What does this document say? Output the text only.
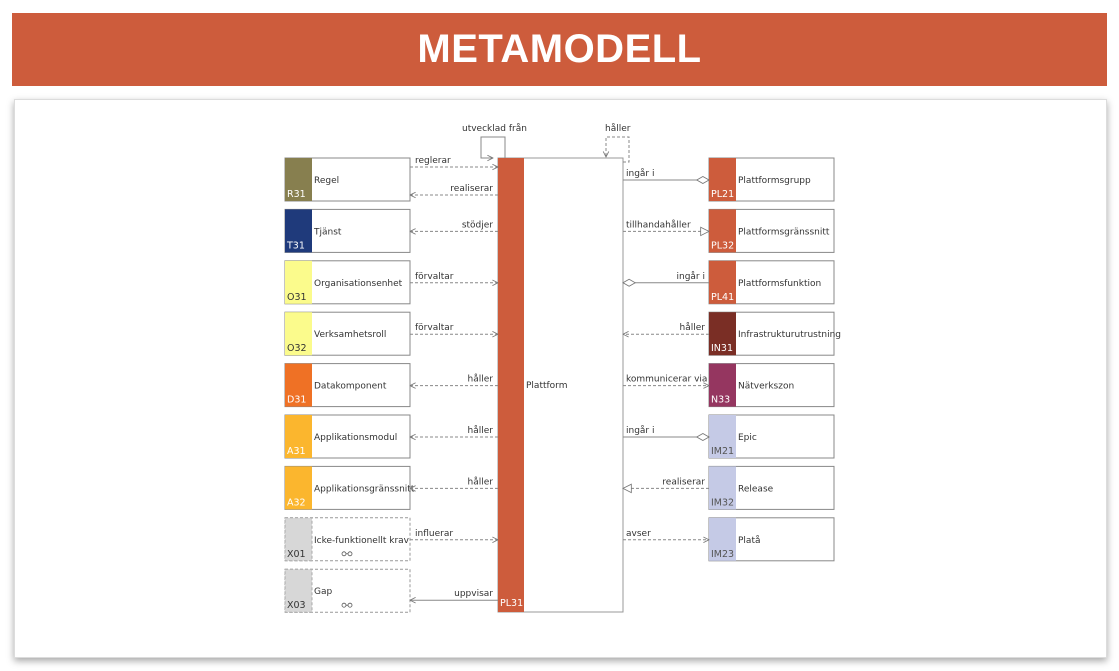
METAMODELL
PL31
Plattform
utvecklad från	håller
R31
Regel
reglerar
realiserar
T31
Tjänst
stödjer
O31
Organisationsenhet
förvaltar
O32
Verksamhetsroll
förvaltar
D31
Datakomponent
håller
A31
Applikationsmodul
håller
A32
Applikationsgränssnitt
håller
X01
Icke-funktionellt krav
influerar
X03
Gap	uppvisar
PL21
Plattformsgrupp
ingår i
PL32
Plattformsgränssnitt
tillhandahåller
PL41
Plattformsfunktion
ingår i
IN31
Infrastrukturutrustning
håller
N33
Nätverkszon
kommunicerar via
IM21
Epic
ingår i
IM32
Release
realiserar
IM23
Platå
avser
